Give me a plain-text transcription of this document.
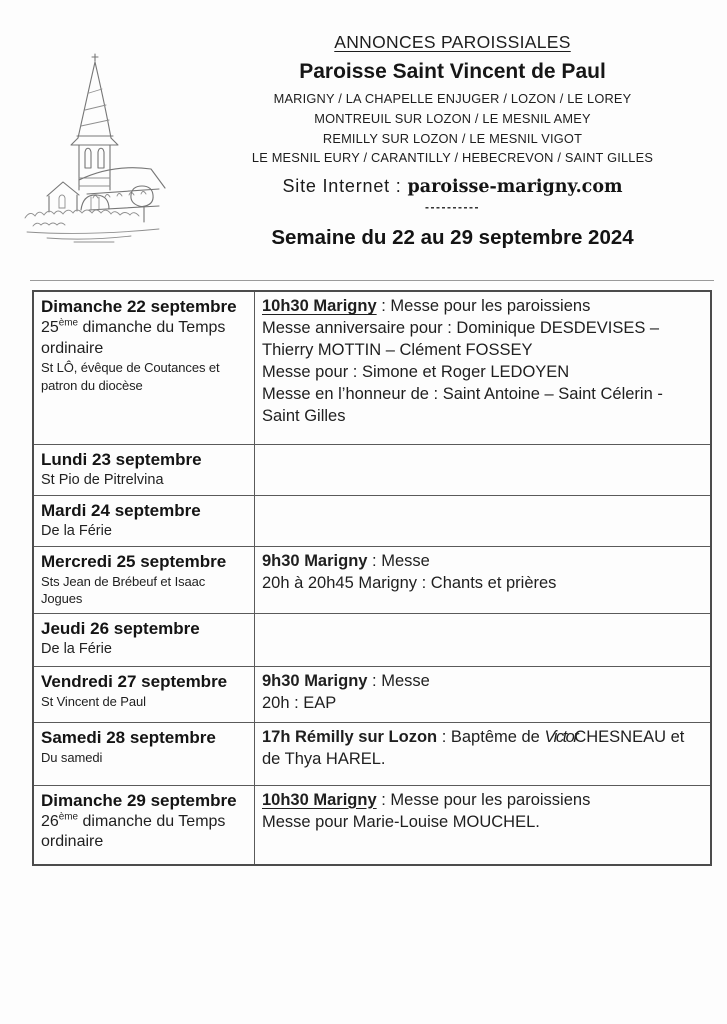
ANNONCES PAROISSIALES
Paroisse Saint Vincent de Paul
MARIGNY / LA CHAPELLE ENJUGER / LOZON / LE LOREY
MONTREUIL SUR LOZON / LE MESNIL AMEY
REMILLY SUR LOZON / LE MESNIL VIGOT
LE MESNIL EURY / CARANTILLY / HEBECREVON / SAINT GILLES
Site Internet : paroisse-marigny.com
----------
Semaine du 22 au 29 septembre 2024
Dimanche 22 septembre
25ème dimanche du Temps ordinaire
St LÔ, évêque de Coutances et patron du diocèse
10h30 Marigny : Messe pour les paroissiens
Messe anniversaire pour : Dominique DESDEVISES – Thierry MOTTIN – Clément FOSSEY
Messe pour : Simone et Roger LEDOYEN
Messe en l’honneur de : Saint Antoine – Saint Célerin - Saint Gilles
Lundi 23 septembre
St Pio de Pitrelvina
Mardi 24 septembre
De la Férie
Mercredi 25 septembre
Sts Jean de Brébeuf et Isaac Jogues
9h30 Marigny : Messe
20h à 20h45 Marigny : Chants et prières
Jeudi 26 septembre
De la Férie
Vendredi 27 septembre
St Vincent de Paul
9h30 Marigny : Messe
20h : EAP
Samedi 28 septembre
Du samedi
17h Rémilly sur Lozon : Baptême de VictorCHESNEAU et de Thya HAREL.
Dimanche 29 septembre
26ème dimanche du Temps ordinaire
10h30 Marigny : Messe pour les paroissiens
Messe pour Marie-Louise MOUCHEL.
